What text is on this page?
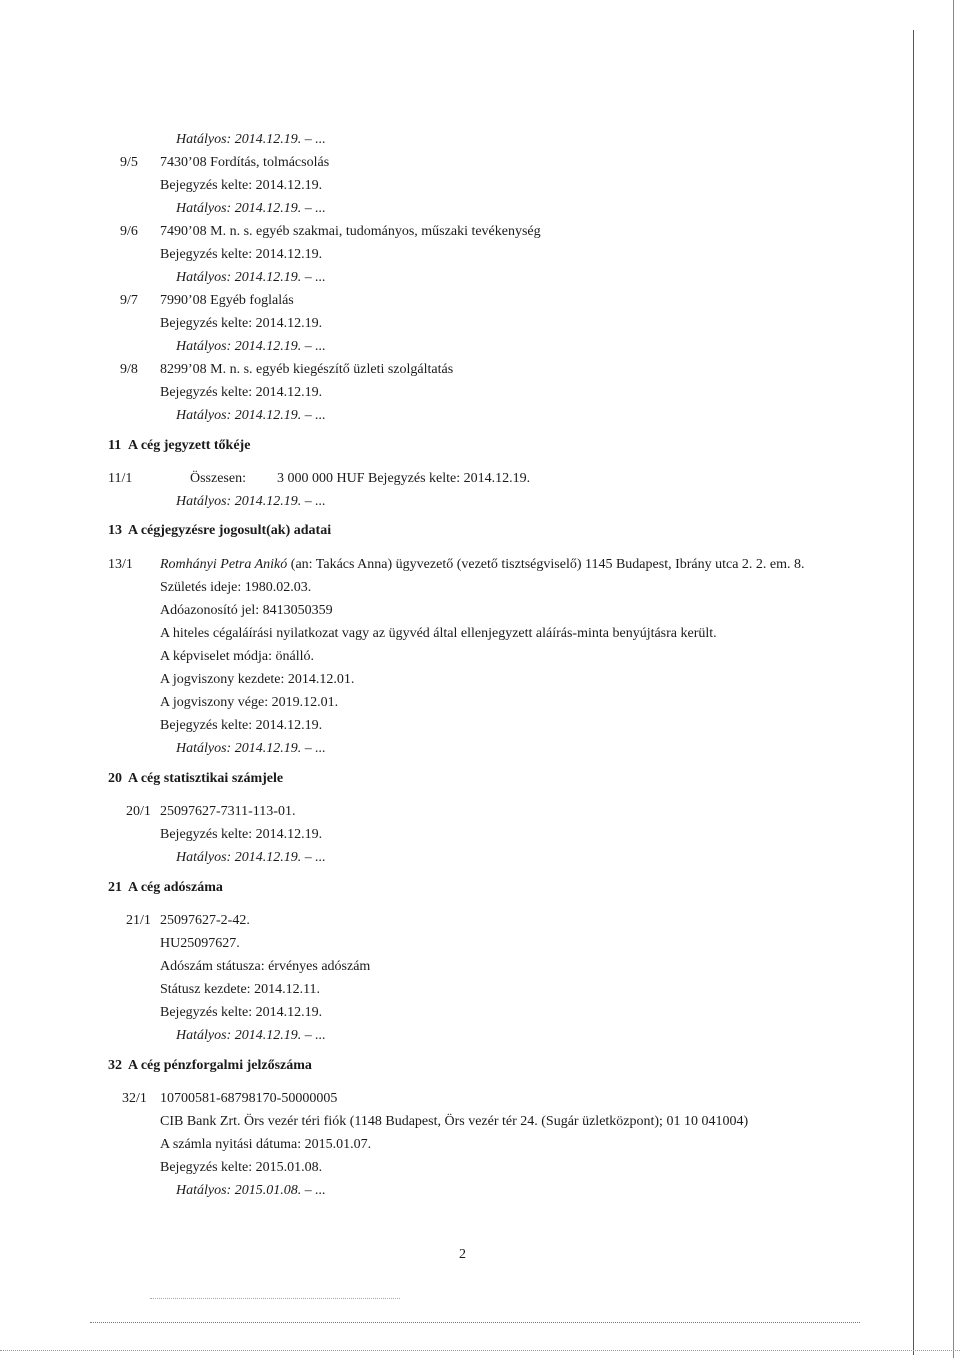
Hatályos: 2014.12.19. – ...
9/5 7430’08 Fordítás, tolmácsolás
Bejegyzés kelte: 2014.12.19.
Hatályos: 2014.12.19. – ...
9/6 7490’08 M. n. s. egyéb szakmai, tudományos, műszaki tevékenység
Bejegyzés kelte: 2014.12.19.
Hatályos: 2014.12.19. – ...
9/7 7990’08 Egyéb foglalás
Bejegyzés kelte: 2014.12.19.
Hatályos: 2014.12.19. – ...
9/8 8299’08 M. n. s. egyéb kiegészítő üzleti szolgáltatás
Bejegyzés kelte: 2014.12.19.
Hatályos: 2014.12.19. – ...
11 A cég jegyzett tőkéje
11/1	Összesen: 3 000 000 HUF Bejegyzés kelte: 2014.12.19.
Hatályos: 2014.12.19. – ...
13 A cégjegyzésre jogosult(ak) adatai
13/1 Romhányi Petra Anikó (an: Takács Anna) ügyvezető (vezető tisztségviselő) 1145 Budapest, Ibrány utca 2. 2. em. 8.
Születés ideje: 1980.02.03.
Adóazonosító jel: 8413050359
A hiteles cégaláírási nyilatkozat vagy az ügyvéd által ellenjegyzett aláírás-minta benyújtásra került.
A képviselet módja: önálló.
A jogviszony kezdete: 2014.12.01.
A jogviszony vége: 2019.12.01.
Bejegyzés kelte: 2014.12.19.
Hatályos: 2014.12.19. – ...
20 A cég statisztikai számjele
20/1 25097627-7311-113-01.
Bejegyzés kelte: 2014.12.19.
Hatályos: 2014.12.19. – ...
21 A cég adószáma
21/1 25097627-2-42.
HU25097627.
Adószám státusza: érvényes adószám
Státusz kezdete: 2014.12.11.
Bejegyzés kelte: 2014.12.19.
Hatályos: 2014.12.19. – ...
32 A cég pénzforgalmi jelzőszáma
32/1 10700581-68798170-50000005
CIB Bank Zrt. Örs vezér téri fiók (1148 Budapest, Örs vezér tér 24. (Sugár üzletközpont); 01 10 041004)
A számla nyitási dátuma: 2015.01.07.
Bejegyzés kelte: 2015.01.08.
Hatályos: 2015.01.08. – ...
2
